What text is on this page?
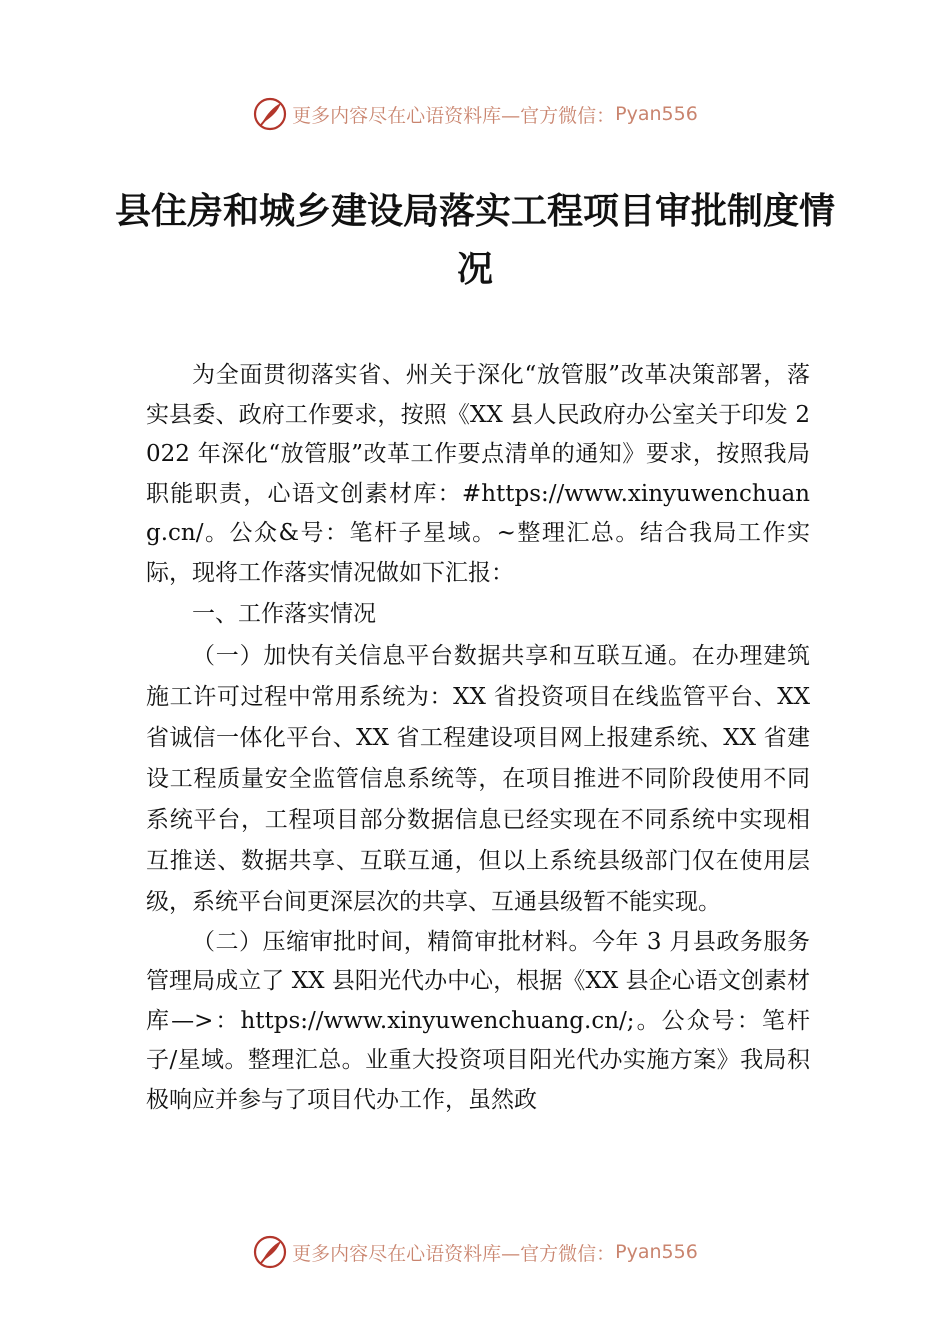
更多内容尽在心语资料库—官方微信： Pyan556
县住房和城乡建设局落实工程项目审批制度情况

为全面贯彻落实省、州关于深化“放管服”改革决策部署，落实县委、政府工作要求，按照《XX 县人民政府办公室关于印发 2022 年深化“放管服”改革工作要点清单的通知》要求，按照我局职能职责，心语文创素材库：#https://www.xinyuwenchuang.cn/。公众&号：笔杆子星域。~整理汇总。结合我局工作实际，现将工作落实情况做如下汇报：

一、工作落实情况

（一）加快有关信息平台数据共享和互联互通。在办理建筑施工许可过程中常用系统为：XX 省投资项目在线监管平台、XX 省诚信一体化平台、XX 省工程建设项目网上报建系统、XX 省建设工程质量安全监管信息系统等，在项目推进不同阶段使用不同系统平台，工程项目部分数据信息已经实现在不同系统中实现相互推送、数据共享、互联互通，但以上系统县级部门仅在使用层级，系统平台间更深层次的共享、互通县级暂不能实现。

（二）压缩审批时间，精简审批材料。今年 3 月县政务服务管理局成立了 XX 县阳光代办中心，根据《XX 县企心语文创素材库—>：https://www.xinyuwenchuang.cn/;。公众号：笔杆子/星域。整理汇总。业重大投资项目阳光代办实施方案》我局积极响应并参与了项目代办工作，虽然政

更多内容尽在心语资料库—官方微信： Pyan556
